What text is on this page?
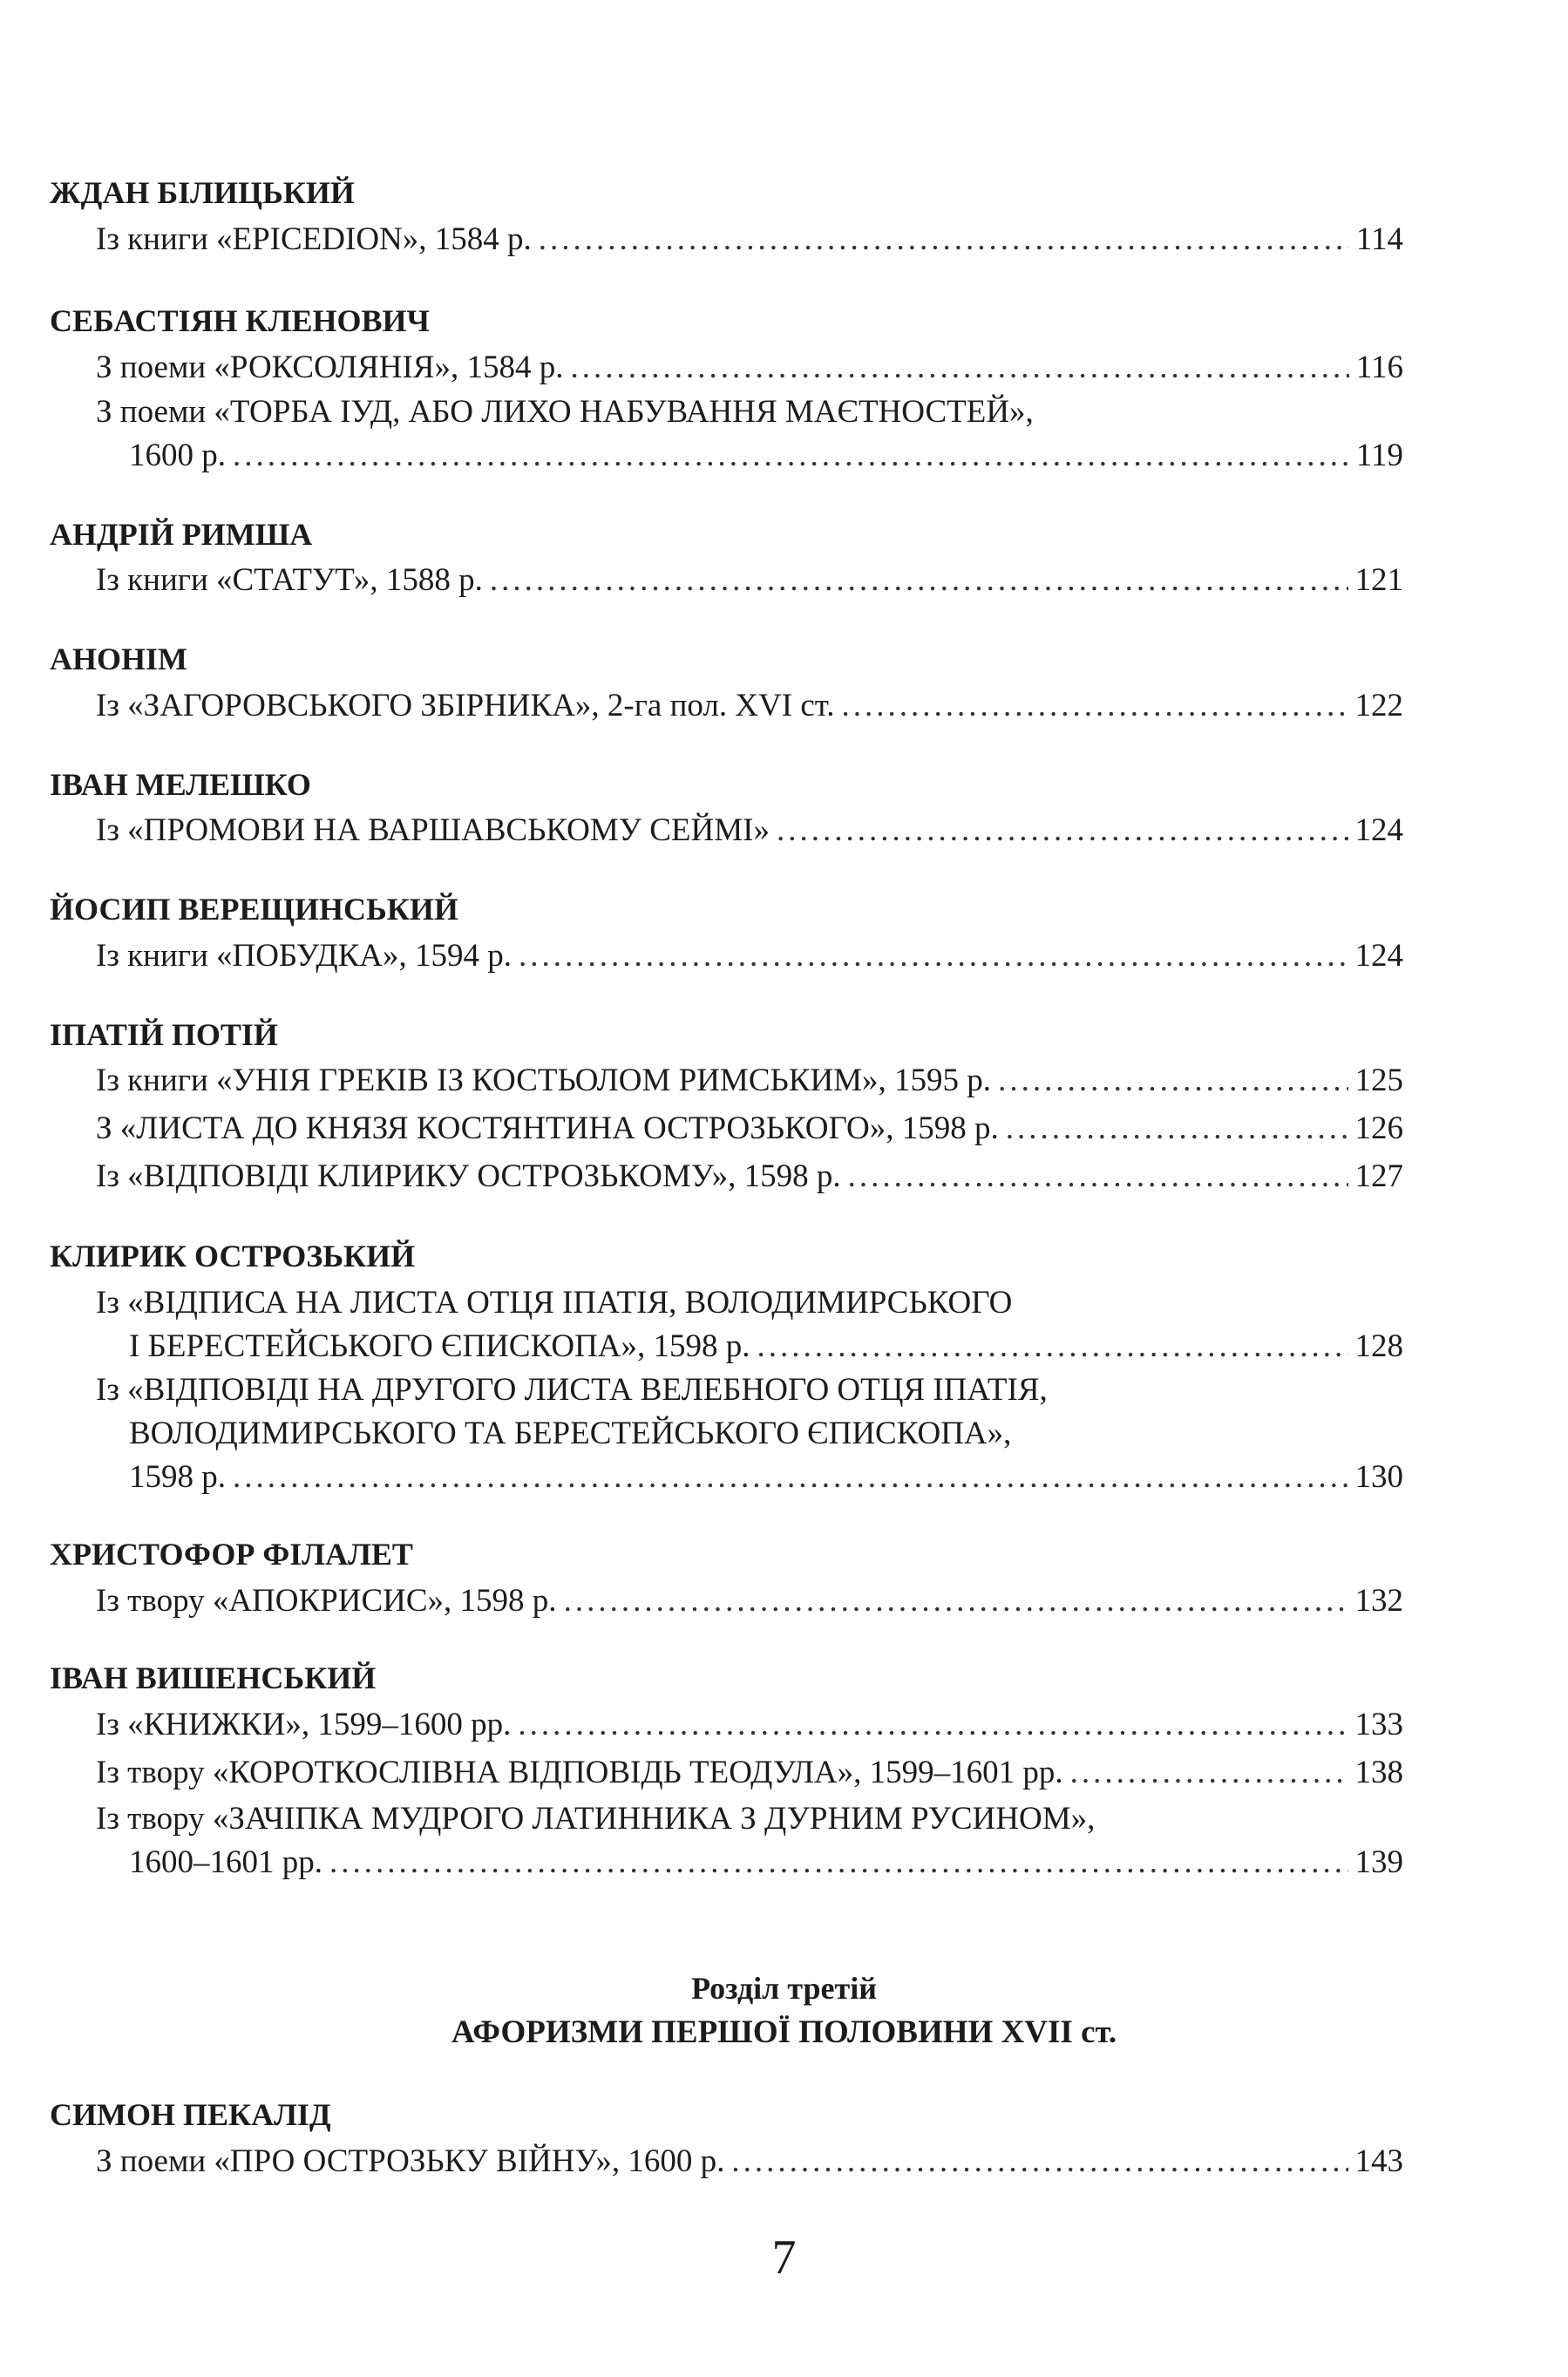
ЖДАН БІЛИЦЬКИЙ
Із книги «EPICEDION», 1584 р. .....	114
СЕБАСТІЯН КЛЕНОВИЧ
З поеми «РОКСОЛЯНІЯ», 1584 р. .....	116
З поеми «ТОРБА ІУД, АБО ЛИХО НАБУВАННЯ МАЄТНОСТЕЙ»,
1600 р. .....	119
АНДРІЙ РИМША
Із книги «СТАТУТ», 1588 р. .....	121
АНОНІМ
Із «ЗАГОРОВСЬКОГО ЗБІРНИКА», 2-га пол. XVI ст. .....	122
ІВАН МЕЛЕШКО
Із «ПРОМОВИ НА ВАРШАВСЬКОМУ СЕЙМІ» .....	124
ЙОСИП ВЕРЕЩИНСЬКИЙ
Із книги «ПОБУДКА», 1594 р. .....	124
ІПАТІЙ ПОТІЙ
Із книги «УНІЯ ГРЕКІВ ІЗ КОСТЬОЛОМ РИМСЬКИМ», 1595 р. .....	125
З «ЛИСТА ДО КНЯЗЯ КОСТЯНТИНА ОСТРОЗЬКОГО», 1598 р. .....	126
Із «ВІДПОВІДІ КЛИРИКУ ОСТРОЗЬКОМУ», 1598 р. .....	127
КЛИРИК ОСТРОЗЬКИЙ
Із «ВІДПИСА НА ЛИСТА ОТЦЯ ІПАТІЯ, ВОЛОДИМИРСЬКОГО
І БЕРЕСТЕЙСЬКОГО ЄПИСКОПА», 1598 р. .....	128
Із «ВІДПОВІДІ НА ДРУГОГО ЛИСТА ВЕЛЕБНОГО ОТЦЯ ІПАТІЯ,
ВОЛОДИМИРСЬКОГО ТА БЕРЕСТЕЙСЬКОГО ЄПИСКОПА»,
1598 р. .....	130
ХРИСТОФОР ФІЛАЛЕТ
Із твору «АПОКРИСИС», 1598 р. .....	132
ІВАН ВИШЕНСЬКИЙ
Із «КНИЖКИ», 1599–1600 рр. .....	133
Із твору «КОРОТКОСЛІВНА ВІДПОВІДЬ ТЕОДУЛА», 1599–1601 рр. .....	138
Із твору «ЗАЧІПКА МУДРОГО ЛАТИННИКА З ДУРНИМ РУСИНОМ»,
1600–1601 рр. .....	139
Розділ третій
АФОРИЗМИ ПЕРШОЇ ПОЛОВИНИ XVII ст.
СИМОН ПЕКАЛІД
З поеми «ПРО ОСТРОЗЬКУ ВІЙНУ», 1600 р. .....	143
7
